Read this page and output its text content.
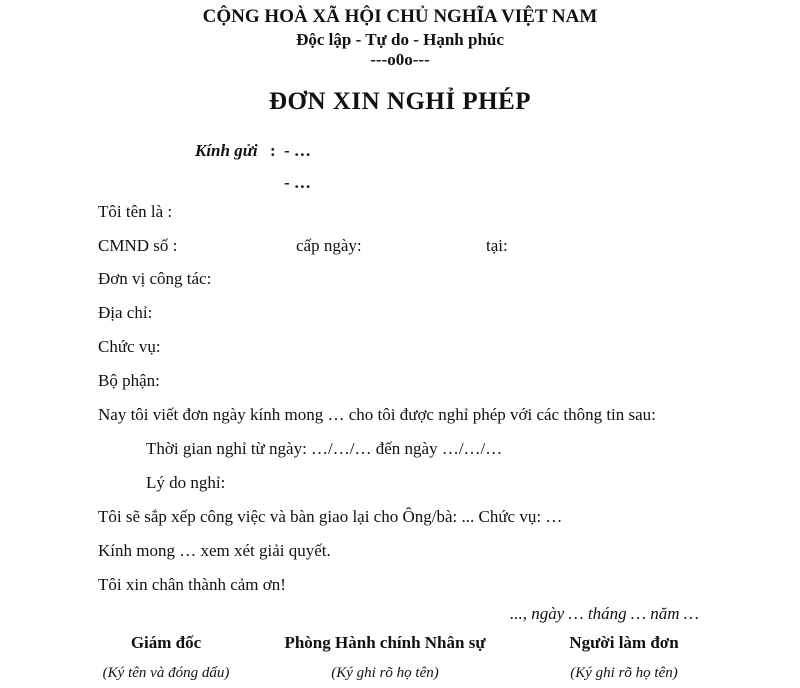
CỘNG HOÀ XÃ HỘI CHỦ NGHĨA VIỆT NAM
Độc lập - Tự do - Hạnh phúc
---o0o---
ĐƠN XIN NGHỈ PHÉP
Kính gửi : - …
- …
Tôi tên là :
CMND số :	cấp ngày:	tại:
Đơn vị công tác:
Địa chỉ:
Chức vụ:
Bộ phận:
Nay tôi viết đơn ngày kính mong … cho tôi được nghỉ phép với các thông tin sau:
Thời gian nghỉ từ ngày: …/…/… đến ngày …/…/…
Lý do nghỉ:
Tôi sẽ sắp xếp công việc và bàn giao lại cho Ông/bà: ... Chức vụ: …
Kính mong … xem xét giải quyết.
Tôi xin chân thành cảm ơn!
..., ngày … tháng … năm …
Giám đốc
(Ký tên và đóng dấu)
Phòng Hành chính Nhân sự
(Ký ghi rõ họ tên)
Người làm đơn
(Ký ghi rõ họ tên)
